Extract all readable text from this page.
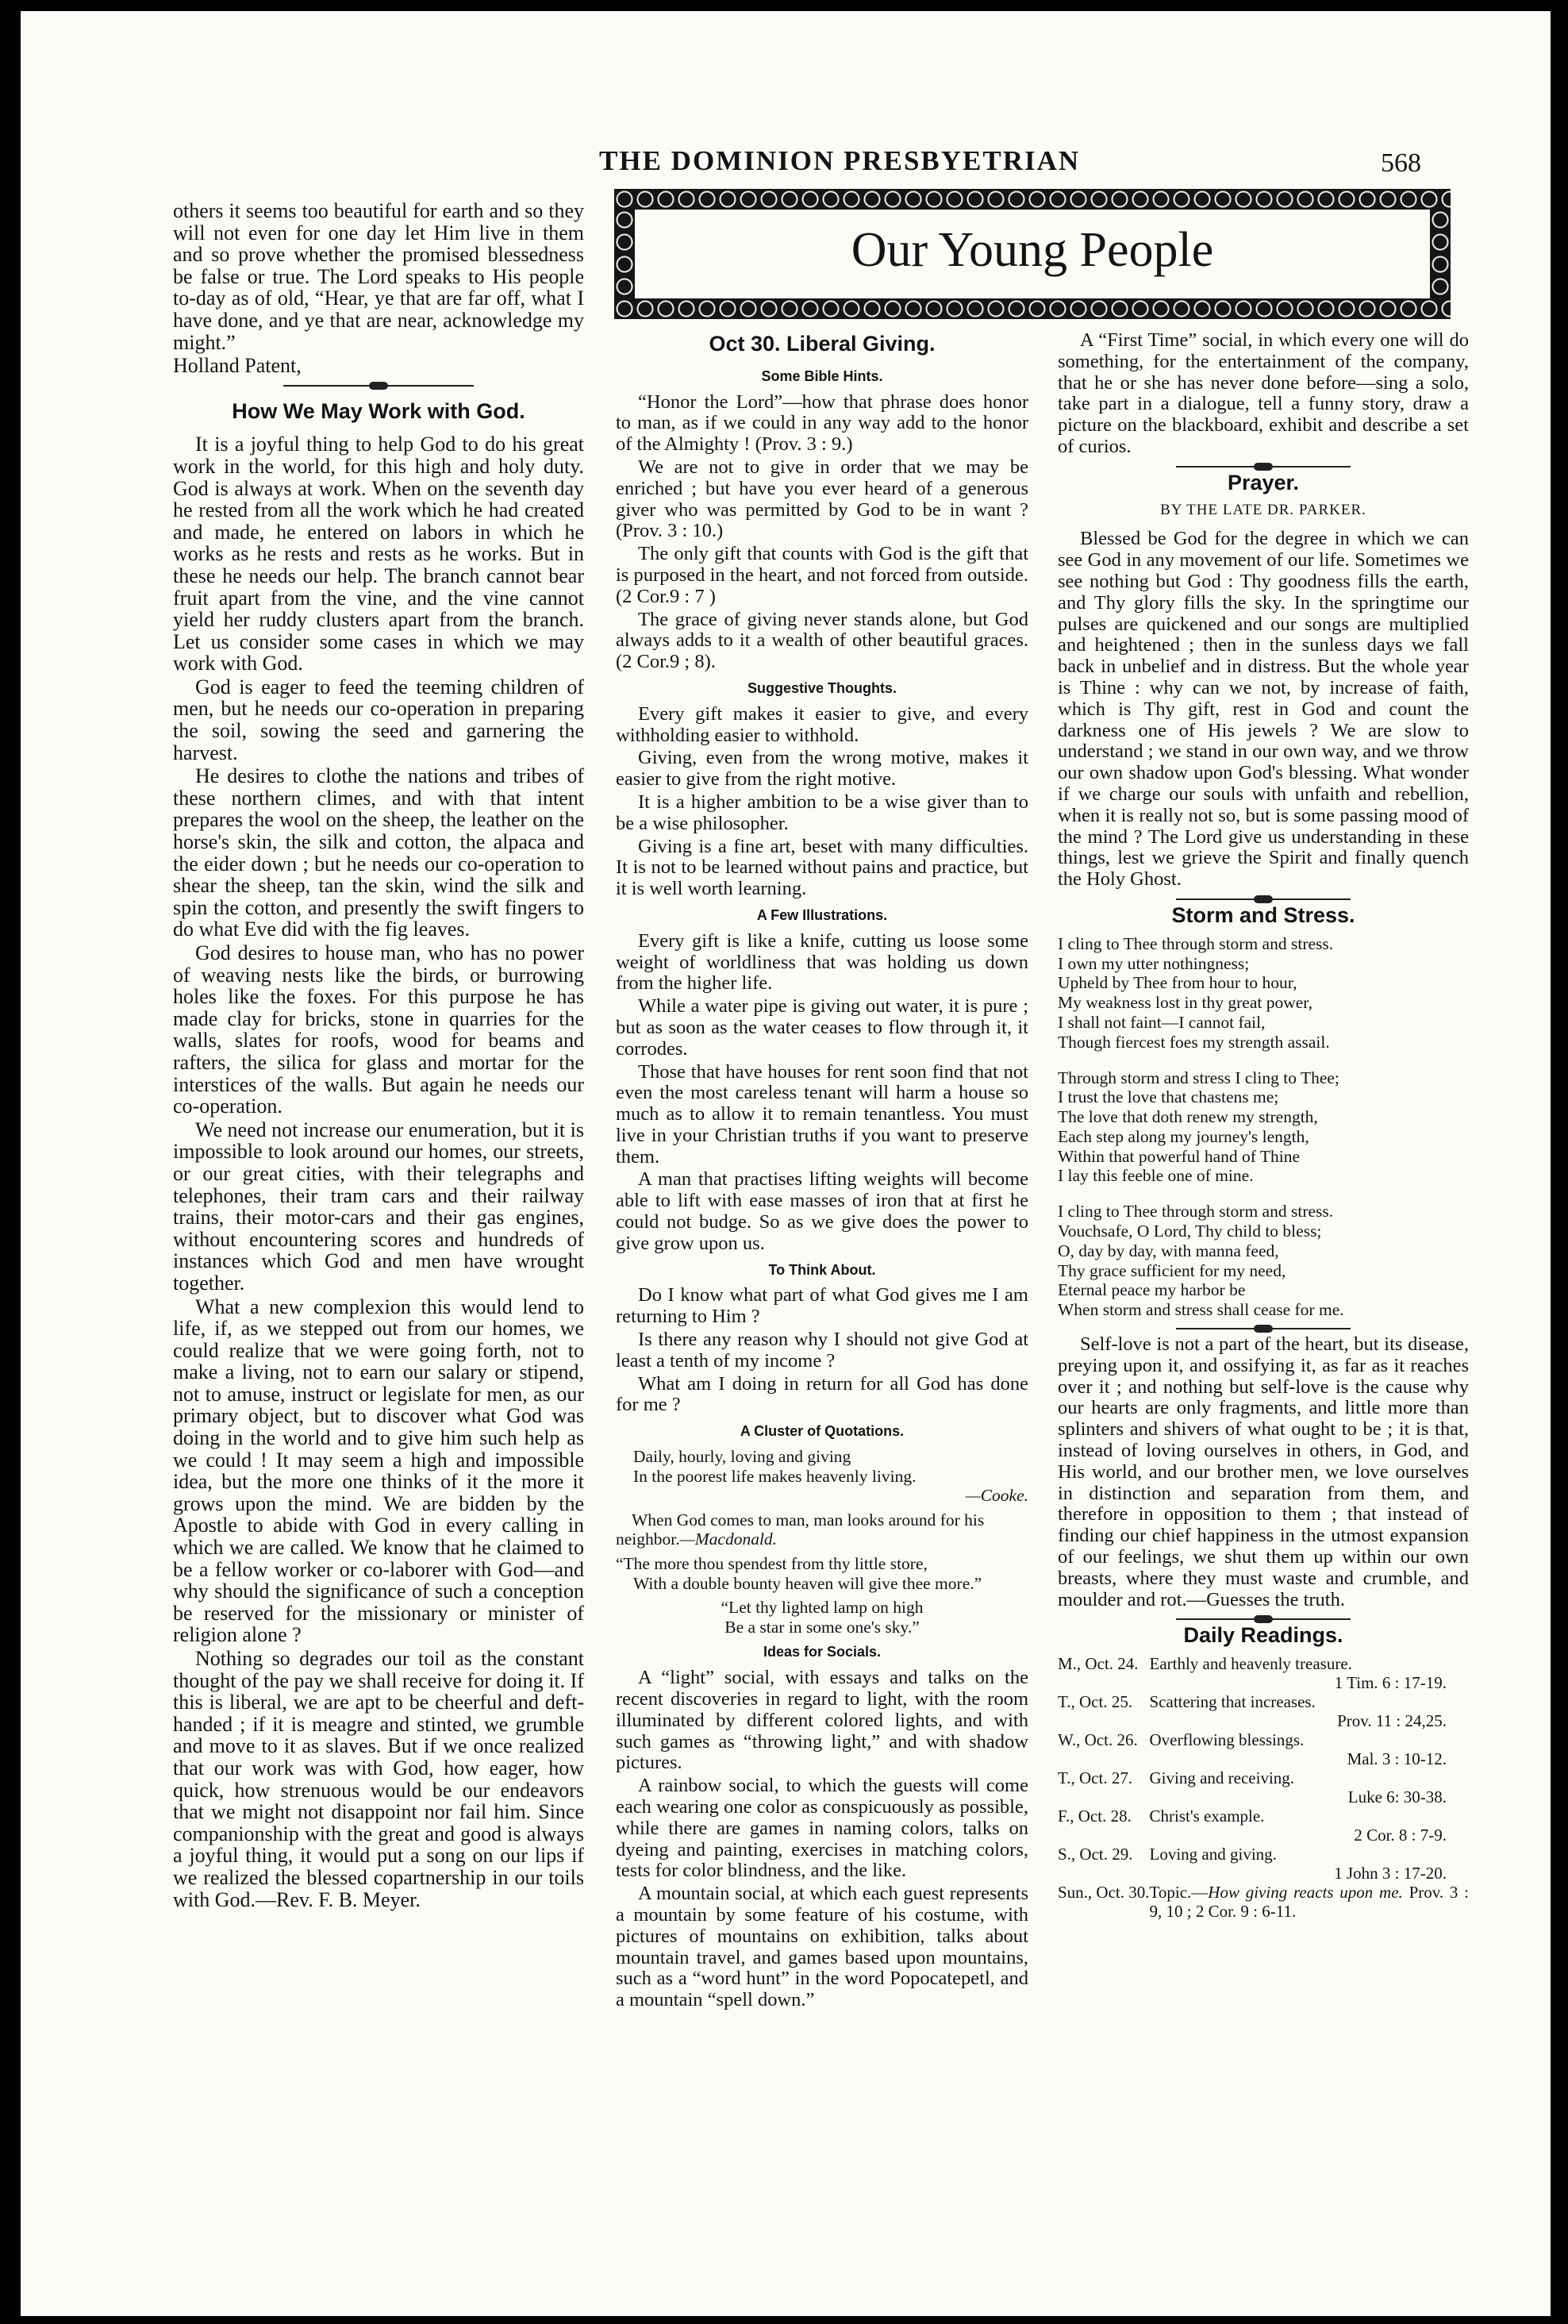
THE DOMINION PRESBYETRIAN	568
Our Young People

others it seems too beautiful for earth and so they will not even for one day let Him live in them and so prove whether the promised blessedness be false or true. The Lord speaks to His people to-day as of old, “Hear, ye that are far off, what I have done, and ye that are near, acknowledge my might.”

Holland Patent,

How We May Work with God.

It is a joyful thing to help God to do his great work in the world, for this high and holy duty. God is always at work. When on the seventh day he rested from all the work which he had created and made, he entered on labors in which he works as he rests and rests as he works. But in these he needs our help. The branch cannot bear fruit apart from the vine, and the vine cannot yield her ruddy clusters apart from the branch. Let us consider some cases in which we may work with God.

God is eager to feed the teeming children of men, but he needs our co-operation in preparing the soil, sowing the seed and garnering the harvest.

He desires to clothe the nations and tribes of these northern climes, and with that intent prepares the wool on the sheep, the leather on the horse's skin, the silk and cotton, the alpaca and the eider down ; but he needs our co-operation to shear the sheep, tan the skin, wind the silk and spin the cotton, and presently the swift fingers to do what Eve did with the fig leaves.

God desires to house man, who has no power of weaving nests like the birds, or burrowing holes like the foxes. For this purpose he has made clay for bricks, stone in quarries for the walls, slates for roofs, wood for beams and rafters, the silica for glass and mortar for the interstices of the walls. But again he needs our co-operation.

We need not increase our enumeration, but it is impossible to look around our homes, our streets, or our great cities, with their telegraphs and telephones, their tram cars and their railway trains, their motor-cars and their gas engines, without encountering scores and hundreds of instances which God and men have wrought together.

What a new complexion this would lend to life, if, as we stepped out from our homes, we could realize that we were going forth, not to make a living, not to earn our salary or stipend, not to amuse, instruct or legislate for men, as our primary object, but to discover what God was doing in the world and to give him such help as we could ! It may seem a high and impossible idea, but the more one thinks of it the more it grows upon the mind. We are bidden by the Apostle to abide with God in every calling in which we are called. We know that he claimed to be a fellow worker or co-laborer with God—and why should the significance of such a conception be reserved for the missionary or minister of religion alone ?

Nothing so degrades our toil as the constant thought of the pay we shall receive for doing it. If this is liberal, we are apt to be cheerful and deft-handed ; if it is meagre and stinted, we grumble and move to it as slaves. But if we once realized that our work was with God, how eager, how quick, how strenuous would be our endeavors that we might not disappoint nor fail him. Since companionship with the great and good is always a joyful thing, it would put a song on our lips if we realized the blessed copartnership in our toils with God.—Rev. F. B. Meyer.

Oct 30. Liberal Giving.
Some Bible Hints.

“Honor the Lord”—how that phrase does honor to man, as if we could in any way add to the honor of the Almighty ! (Prov. 3 : 9.)

We are not to give in order that we may be enriched ; but have you ever heard of a generous giver who was permitted by God to be in want ? (Prov. 3 : 10.)

The only gift that counts with God is the gift that is purposed in the heart, and not forced from outside. (2 Cor.9 : 7 )

The grace of giving never stands alone, but God always adds to it a wealth of other beautiful graces. (2 Cor.9 ; 8).

Suggestive Thoughts.

Every gift makes it easier to give, and every withholding easier to withhold.

Giving, even from the wrong motive, makes it easier to give from the right motive.

It is a higher ambition to be a wise giver than to be a wise philosopher.

Giving is a fine art, beset with many difficulties. It is not to be learned without pains and practice, but it is well worth learning.

A Few Illustrations.

Every gift is like a knife, cutting us loose some weight of worldliness that was holding us down from the higher life.

While a water pipe is giving out water, it is pure ; but as soon as the water ceases to flow through it, it corrodes.

Those that have houses for rent soon find that not even the most careless tenant will harm a house so much as to allow it to remain tenantless. You must live in your Christian truths if you want to preserve them.

A man that practises lifting weights will become able to lift with ease masses of iron that at first he could not budge. So as we give does the power to give grow upon us.

To Think About.

Do I know what part of what God gives me I am returning to Him ?

Is there any reason why I should not give God at least a tenth of my income ?

What am I doing in return for all God has done for me ?

A Cluster of Quotations.
Daily, hourly, loving and giving
In the poorest life makes heavenly living.
—Cooke.
When God comes to man, man looks around for his neighbor.—Macdonald.
“The more thou spendest from thy little store,
With a double bounty heaven will give thee more.”
“Let thy lighted lamp on high
Be a star in some one's sky.”
Ideas for Socials.

A “light” social, with essays and talks on the recent discoveries in regard to light, with the room illuminated by different colored lights, and with such games as “throwing light,” and with shadow pictures.

A rainbow social, to which the guests will come each wearing one color as conspicuously as possible, while there are games in naming colors, talks on dyeing and painting, exercises in matching colors, tests for color blindness, and the like.

A mountain social, at which each guest represents a mountain by some feature of his costume, with pictures of mountains on exhibition, talks about mountain travel, and games based upon mountains, such as a “word hunt” in the word Popocatepetl, and a mountain “spell down.”

A “First Time” social, in which every one will do something, for the entertainment of the company, that he or she has never done before—sing a solo, take part in a dialogue, tell a funny story, draw a picture on the blackboard, exhibit and describe a set of curios.

Prayer.
BY THE LATE DR. PARKER.

Blessed be God for the degree in which we can see God in any movement of our life. Sometimes we see nothing but God : Thy goodness fills the earth, and Thy glory fills the sky. In the springtime our pulses are quickened and our songs are multiplied and heightened ; then in the sunless days we fall back in unbelief and in distress. But the whole year is Thine : why can we not, by increase of faith, which is Thy gift, rest in God and count the darkness one of His jewels ? We are slow to understand ; we stand in our own way, and we throw our own shadow upon God's blessing. What wonder if we charge our souls with unfaith and rebellion, when it is really not so, but is some passing mood of the mind ? The Lord give us understanding in these things, lest we grieve the Spirit and finally quench the Holy Ghost.

Storm and Stress.
I cling to Thee through storm and stress.
I own my utter nothingness;
Upheld by Thee from hour to hour,
My weakness lost in thy great power,
I shall not faint—I cannot fail,
Though fiercest foes my strength assail.
Through storm and stress I cling to Thee;
I trust the love that chastens me;
The love that doth renew my strength,
Each step along my journey's length,
Within that powerful hand of Thine
I lay this feeble one of mine.
I cling to Thee through storm and stress.
Vouchsafe, O Lord, Thy child to bless;
O, day by day, with manna feed,
Thy grace sufficient for my need,
Eternal peace my harbor be
When storm and stress shall cease for me.

Self-love is not a part of the heart, but its disease, preying upon it, and ossifying it, as far as it reaches over it ; and nothing but self-love is the cause why our hearts are only fragments, and little more than splinters and shivers of what ought to be ; it is that, instead of loving ourselves in others, in God, and His world, and our brother men, we love ourselves in distinction and separation from them, and therefore in opposition to them ; that instead of finding our chief happiness in the utmost expansion of our feelings, we shut them up within our own breasts, where they must waste and crumble, and moulder and rot.—Guesses the truth.

Daily Readings.
M., Oct. 24.	Earthly and heavenly treasure.
1 Tim. 6 : 17-19.	
T., Oct. 25.	Scattering that increases.
Prov. 11 : 24,25.	
W., Oct. 26.	Overflowing blessings.
Mal. 3 : 10-12.	
T., Oct. 27.	Giving and receiving.
Luke 6: 30-38.	
F., Oct. 28.	Christ's example.
2 Cor. 8 : 7-9.	
S., Oct. 29.	Loving and giving.
1 John 3 : 17-20.	
Sun., Oct. 30.	Topic.—How giving reacts upon me. Prov. 3 : 9, 10 ; 2 Cor. 9 : 6-11.
